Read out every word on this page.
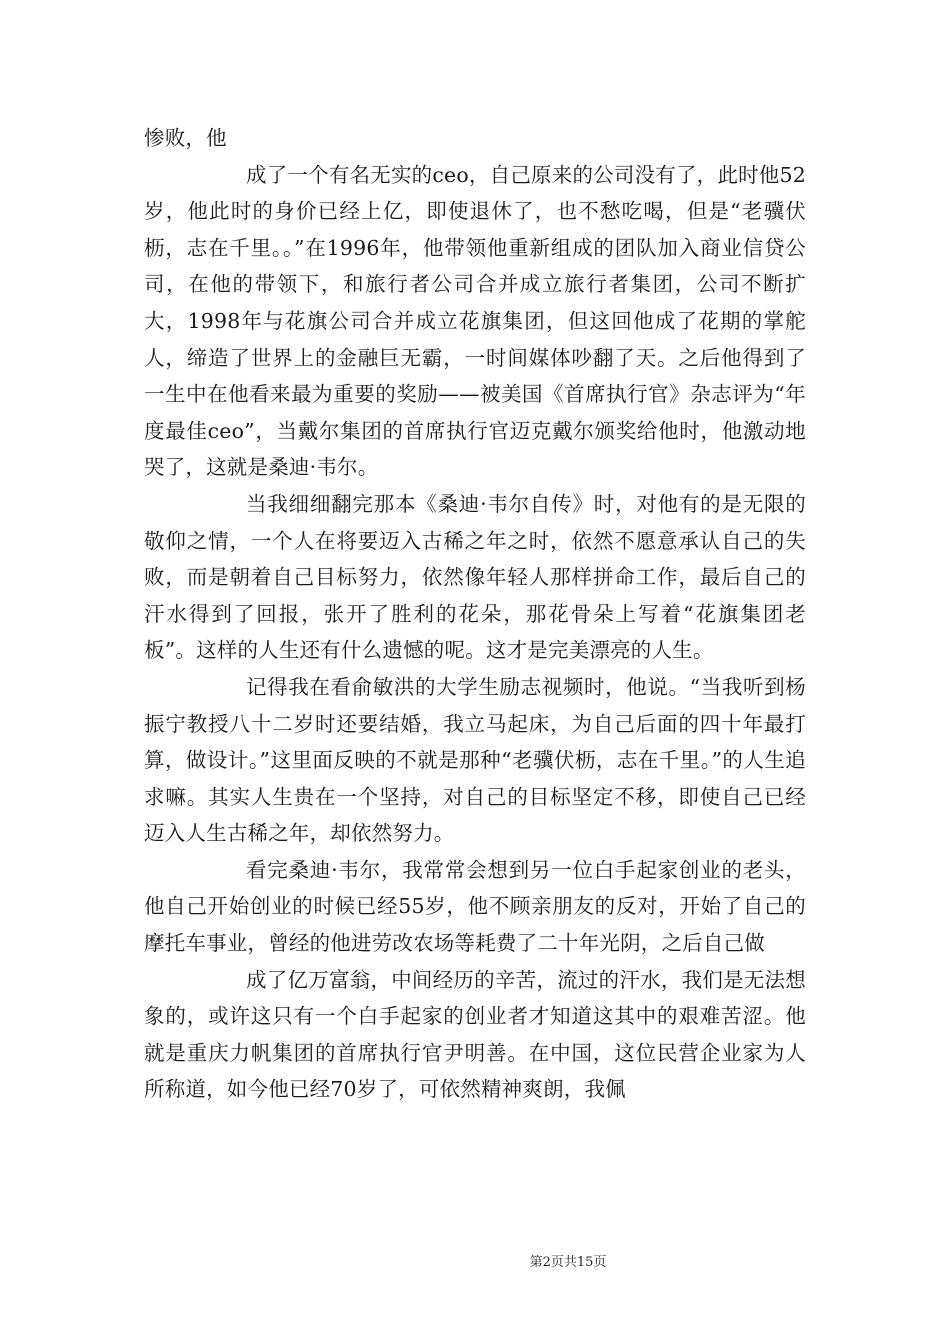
惨败，他

成了一个有名无实的ceo，自己原来的公司没有了，此时他52岁，他此时的身价已经上亿，即使退休了，也不愁吃喝，但是“老骥伏枥，志在千里。。”在1996年，他带领他重新组成的团队加入商业信贷公司，在他的带领下，和旅行者公司合并成立旅行者集团，公司不断扩大，1998年与花旗公司合并成立花旗集团，但这回他成了花期的掌舵人，缔造了世界上的金融巨无霸，一时间媒体吵翻了天。之后他得到了一生中在他看来最为重要的奖励——被美国《首席执行官》杂志评为“年度最佳ceo”，当戴尔集团的首席执行官迈克戴尔颁奖给他时，他激动地哭了，这就是桑迪·韦尔。

当我细细翻完那本《桑迪·韦尔自传》时，对他有的是无限的敬仰之情，一个人在将要迈入古稀之年之时，依然不愿意承认自己的失败，而是朝着自己目标努力，依然像年轻人那样拼命工作，最后自己的汗水得到了回报，张开了胜利的花朵，那花骨朵上写着“花旗集团老板”。这样的人生还有什么遗憾的呢。这才是完美漂亮的人生。

记得我在看俞敏洪的大学生励志视频时，他说。“当我听到杨振宁教授八十二岁时还要结婚，我立马起床，为自己后面的四十年最打算，做设计。”这里面反映的不就是那种“老骥伏枥，志在千里。”的人生追求嘛。其实人生贵在一个坚持，对自己的目标坚定不移，即使自己已经迈入人生古稀之年，却依然努力。

看完桑迪·韦尔，我常常会想到另一位白手起家创业的老头，他自己开始创业的时候已经55岁，他不顾亲朋友的反对，开始了自己的摩托车事业，曾经的他进劳改农场等耗费了二十年光阴，之后自己做

成了亿万富翁，中间经历的辛苦，流过的汗水，我们是无法想象的，或许这只有一个白手起家的创业者才知道这其中的艰难苦涩。他就是重庆力帆集团的首席执行官尹明善。在中国，这位民营企业家为人所称道，如今他已经70岁了，可依然精神爽朗，我佩

第2页共15页
